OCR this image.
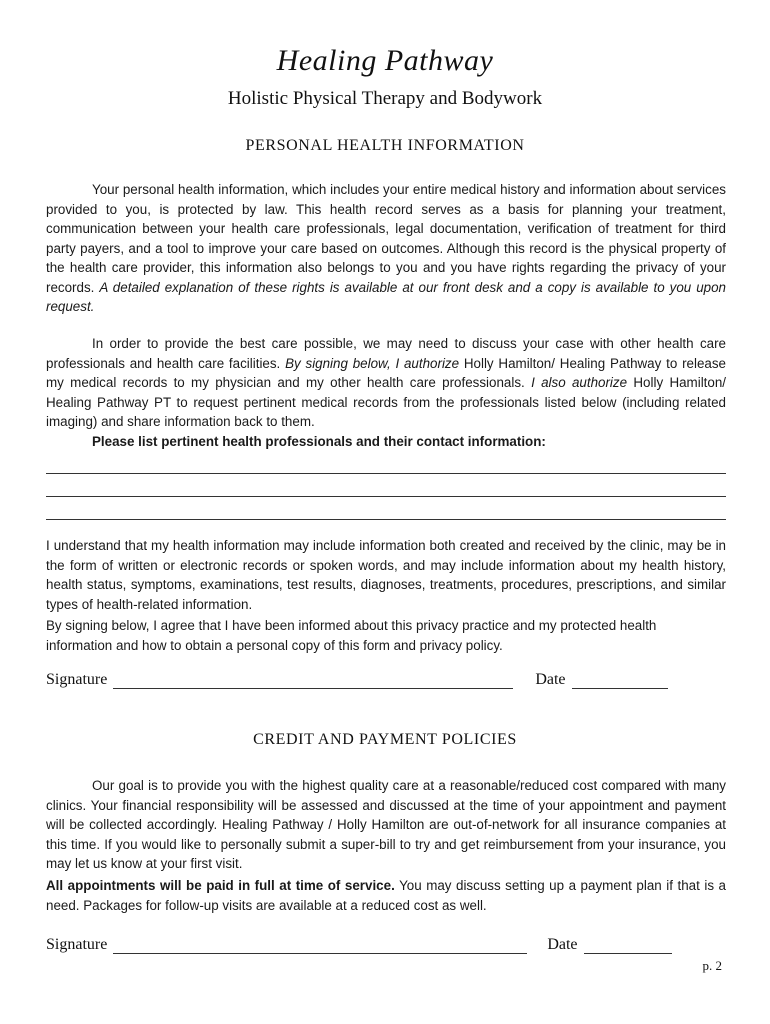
Healing Pathway
Holistic Physical Therapy and Bodywork
PERSONAL HEALTH INFORMATION
Your personal health information, which includes your entire medical history and information about services provided to you, is protected by law. This health record serves as a basis for planning your treatment, communication between your health care professionals, legal documentation, verification of treatment for third party payers, and a tool to improve your care based on outcomes. Although this record is the physical property of the health care provider, this information also belongs to you and you have rights regarding the privacy of your records. A detailed explanation of these rights is available at our front desk and a copy is available to you upon request.
In order to provide the best care possible, we may need to discuss your case with other health care professionals and health care facilities. By signing below, I authorize Holly Hamilton/ Healing Pathway to release my medical records to my physician and my other health care professionals. I also authorize Holly Hamilton/ Healing Pathway PT to request pertinent medical records from the professionals listed below (including related imaging) and share information back to them.
Please list pertinent health professionals and their contact information:
I understand that my health information may include information both created and received by the clinic, may be in the form of written or electronic records or spoken words, and may include information about my health history, health status, symptoms, examinations, test results, diagnoses, treatments, procedures, prescriptions, and similar types of health-related information.
By signing below, I agree that I have been informed about this privacy practice and my protected health information and how to obtain a personal copy of this form and privacy policy.
Signature	Date
CREDIT AND PAYMENT POLICIES
Our goal is to provide you with the highest quality care at a reasonable/reduced cost compared with many clinics. Your financial responsibility will be assessed and discussed at the time of your appointment and payment will be collected accordingly. Healing Pathway / Holly Hamilton are out-of-network for all insurance companies at this time. If you would like to personally submit a super-bill to try and get reimbursement from your insurance, you may let us know at your first visit.
All appointments will be paid in full at time of service. You may discuss setting up a payment plan if that is a need. Packages for follow-up visits are available at a reduced cost as well.
Signature	Date
p. 2
